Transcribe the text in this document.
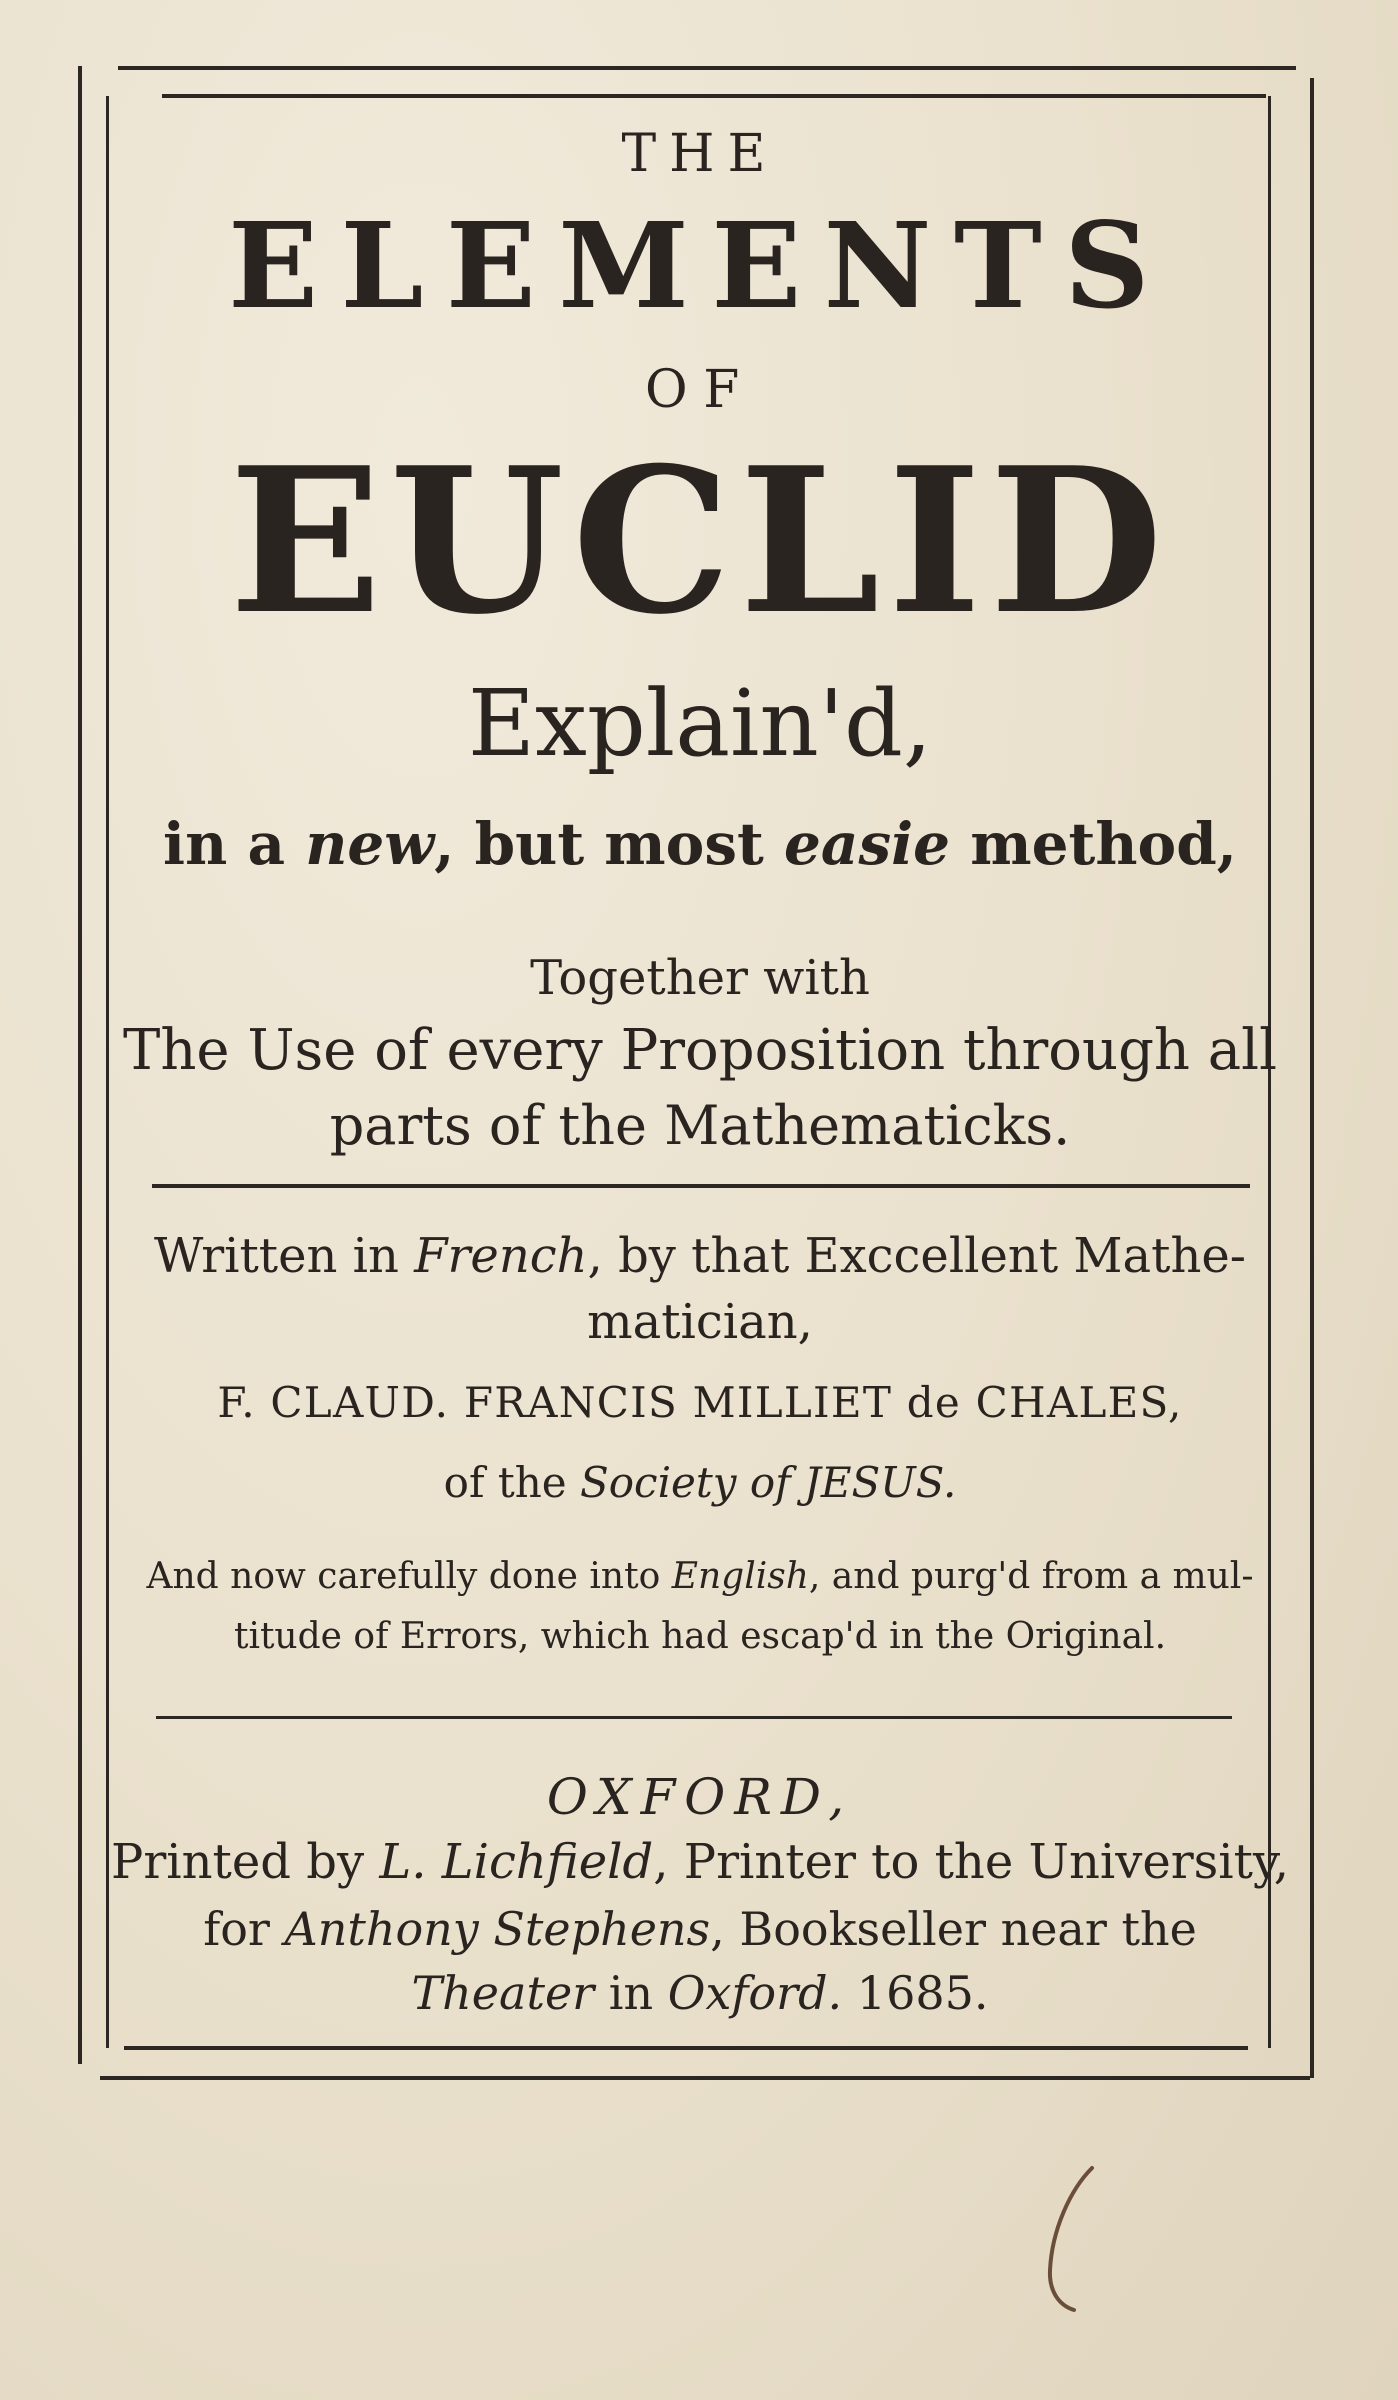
THE
ELEMENTS
OF
EUCLID
Explain'd,
in a new, but most easie method,
Together with
The Use of every Proposition through all
parts of the Mathematicks.
Written in French, by that Exccellent Mathe-
matician,
F. CLAUD. FRANCIS MILLIET de CHALES,
of the Society of JESUS.
And now carefully done into English, and purg'd from a mul-
titude of Errors, which had escap'd in the Original.
OXFORD,
Printed by L. Lichfield, Printer to the University,
for Anthony Stephens, Bookseller near the
Theater in Oxford. 1685.
